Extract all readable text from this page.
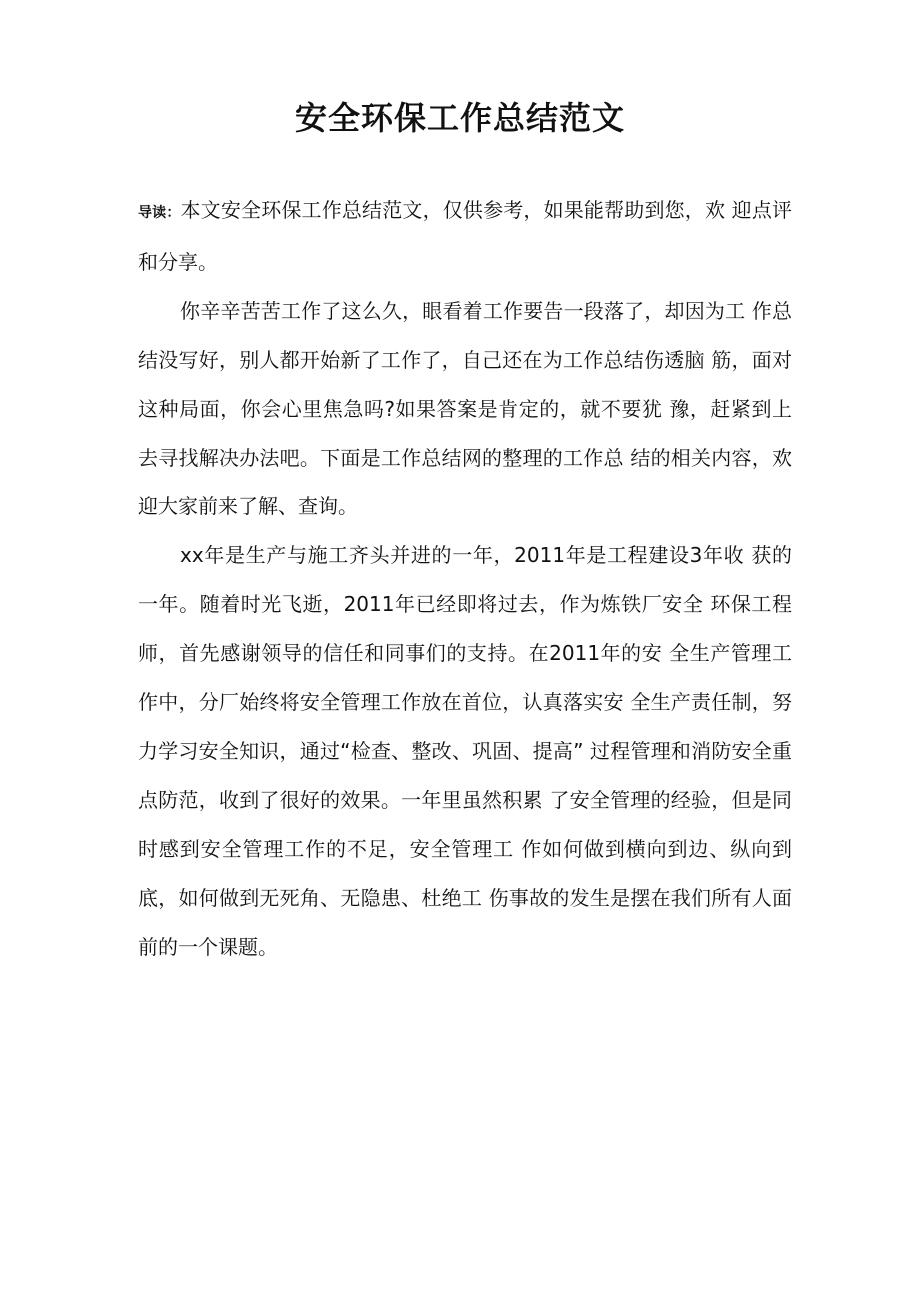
安全环保工作总结范文

导读：本文安全环保工作总结范文，仅供参考，如果能帮助到您，欢 迎点评和分享。

你辛辛苦苦工作了这么久，眼看着工作要告一段落了，却因为工 作总结没写好，别人都开始新了工作了，自己还在为工作总结伤透脑 筋，面对这种局面，你会心里焦急吗?如果答案是肯定的，就不要犹 豫，赶紧到上去寻找解决办法吧。下面是工作总结网的整理的工作总 结的相关内容，欢迎大家前来了解、查询。

xx年是生产与施工齐头并进的一年，2011年是工程建设3年收 获的一年。随着时光飞逝，2011年已经即将过去，作为炼铁厂安全 环保工程师，首先感谢领导的信任和同事们的支持。在2011年的安 全生产管理工作中，分厂始终将安全管理工作放在首位，认真落实安 全生产责任制，努力学习安全知识，通过“检查、整改、巩固、提高” 过程管理和消防安全重点防范，收到了很好的效果。一年里虽然积累 了安全管理的经验，但是同时感到安全管理工作的不足，安全管理工 作如何做到横向到边、纵向到底，如何做到无死角、无隐患、杜绝工 伤事故的发生是摆在我们所有人面前的一个课题。
